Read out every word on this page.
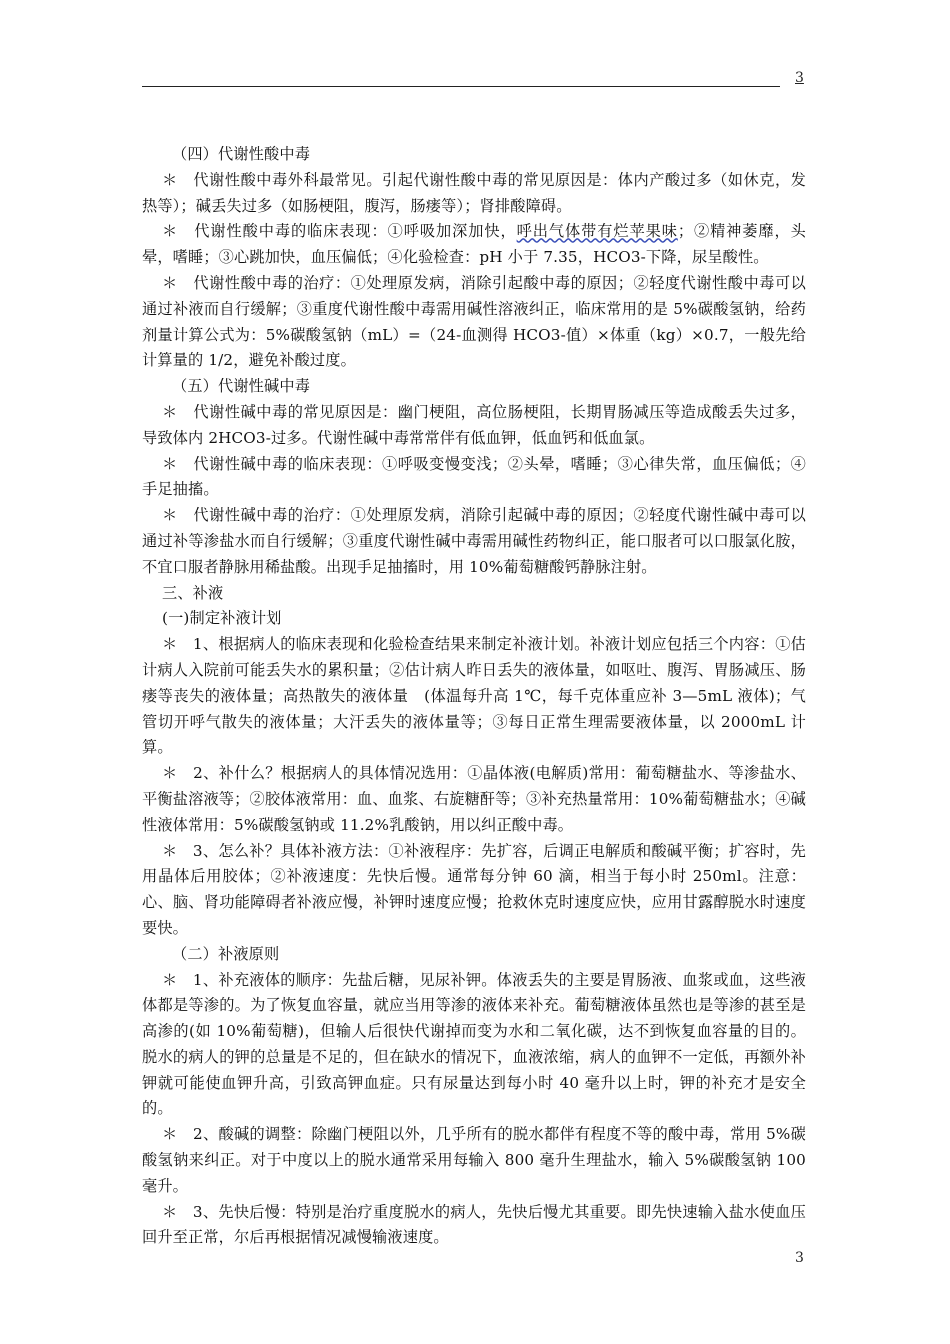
3

（四）代谢性酸中毒

＊　代谢性酸中毒外科最常见。引起代谢性酸中毒的常见原因是：体内产酸过多（如休克，发热等）；碱丢失过多（如肠梗阻，腹泻，肠瘘等）；肾排酸障碍。

＊　代谢性酸中毒的临床表现：①呼吸加深加快，呼出气体带有烂苹果味；②精神萎靡，头晕，嗜睡；③心跳加快，血压偏低；④化验检查：pH 小于 7.35，HCO3-下降，尿呈酸性。

＊　代谢性酸中毒的治疗：①处理原发病，消除引起酸中毒的原因；②轻度代谢性酸中毒可以通过补液而自行缓解；③重度代谢性酸中毒需用碱性溶液纠正，临床常用的是 5%碳酸氢钠，给药剂量计算公式为：5%碳酸氢钠（mL）=（24-血测得 HCO3-值）×体重（kg）×0.7，一般先给计算量的 1/2，避免补酸过度。

（五）代谢性碱中毒

＊　代谢性碱中毒的常见原因是：幽门梗阻，高位肠梗阻，长期胃肠减压等造成酸丢失过多，导致体内 2HCO3-过多。代谢性碱中毒常常伴有低血钾，低血钙和低血氯。

＊　代谢性碱中毒的临床表现：①呼吸变慢变浅；②头晕，嗜睡；③心律失常，血压偏低；④手足抽搐。

＊　代谢性碱中毒的治疗：①处理原发病，消除引起碱中毒的原因；②轻度代谢性碱中毒可以通过补等渗盐水而自行缓解；③重度代谢性碱中毒需用碱性药物纠正，能口服者可以口服氯化胺，不宜口服者静脉用稀盐酸。出现手足抽搐时，用 10%葡萄糖酸钙静脉注射。

三、补液

(一)制定补液计划

＊　1、根据病人的临床表现和化验检查结果来制定补液计划。补液计划应包括三个内容：①估计病人入院前可能丢失水的累积量；②估计病人昨日丢失的液体量，如呕吐、腹泻、胃肠减压、肠瘘等丧失的液体量；高热散失的液体量　(体温每升高 1℃，每千克体重应补 3—5mL 液体)；气管切开呼气散失的液体量；大汗丢失的液体量等；③每日正常生理需要液体量，以 2000mL 计算。

＊　2、补什么？根据病人的具体情况选用：①晶体液(电解质)常用：葡萄糖盐水、等渗盐水、平衡盐溶液等；②胶体液常用：血、血浆、右旋糖酐等；③补充热量常用：10%葡萄糖盐水；④碱性液体常用：5%碳酸氢钠或 11.2%乳酸钠，用以纠正酸中毒。

＊　3、怎么补？具体补液方法：①补液程序：先扩容，后调正电解质和酸碱平衡；扩容时，先用晶体后用胶体；②补液速度：先快后慢。通常每分钟 60 滴，相当于每小时 250ml。注意：心、脑、肾功能障碍者补液应慢，补钾时速度应慢；抢救休克时速度应快，应用甘露醇脱水时速度要快。

（二）补液原则

＊　1、补充液体的顺序：先盐后糖，见尿补钾。体液丢失的主要是胃肠液、血浆或血，这些液体都是等渗的。为了恢复血容量，就应当用等渗的液体来补充。葡萄糖液体虽然也是等渗的甚至是高渗的(如 10%葡萄糖)，但输人后很快代谢掉而变为水和二氧化碳，达不到恢复血容量的目的。脱水的病人的钾的总量是不足的，但在缺水的情况下，血液浓缩，病人的血钾不一定低，再额外补钾就可能使血钾升高，引致高钾血症。只有尿量达到每小时 40 毫升以上时，钾的补充才是安全的。

＊　2、酸碱的调整：除幽门梗阻以外，几乎所有的脱水都伴有程度不等的酸中毒，常用 5%碳酸氢钠来纠正。对于中度以上的脱水通常采用每输入 800 毫升生理盐水，输入 5%碳酸氢钠 100 毫升。

＊　3、先快后慢：特别是治疗重度脱水的病人，先快后慢尤其重要。即先快速输入盐水使血压回升至正常，尔后再根据情况减慢输液速度。

3
